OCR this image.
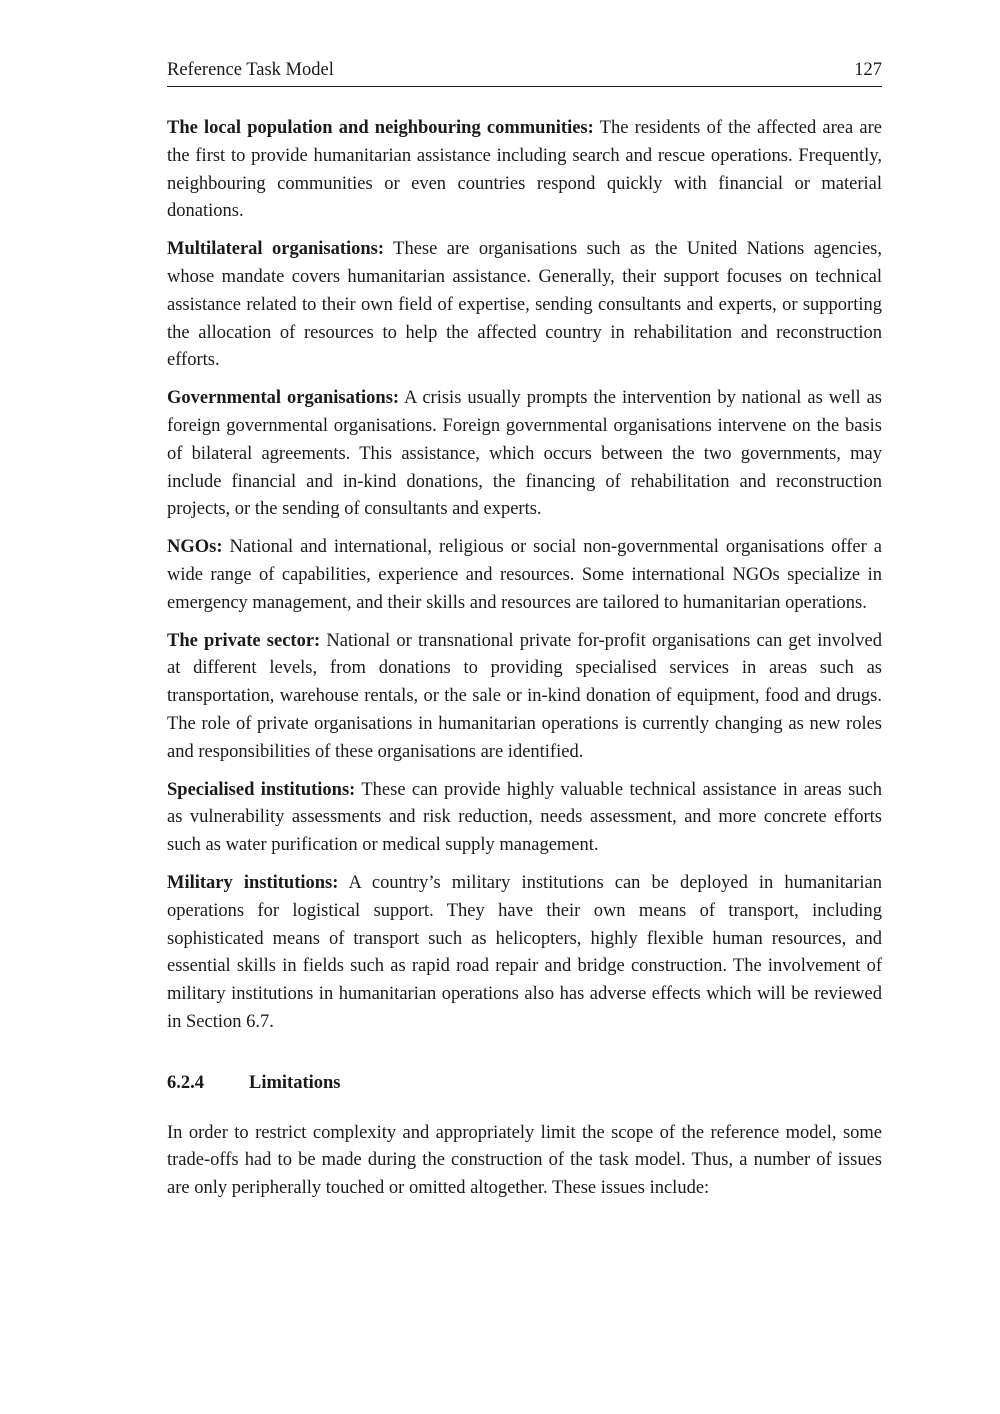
Reference Task Model	127

The local population and neighbouring communities: The residents of the affected area are the first to provide humanitarian assistance including search and rescue operations. Frequently, neighbouring communities or even countries respond quickly with financial or material donations.

Multilateral organisations: These are organisations such as the United Nations agencies, whose mandate covers humanitarian assistance. Generally, their support focuses on technical assistance related to their own field of expertise, sending consultants and experts, or supporting the allocation of resources to help the affected country in rehabilitation and reconstruction efforts.

Governmental organisations: A crisis usually prompts the intervention by national as well as foreign governmental organisations. Foreign governmental organisations intervene on the basis of bilateral agreements. This assistance, which occurs between the two governments, may include financial and in-kind donations, the financing of rehabilitation and reconstruction projects, or the sending of consultants and experts.

NGOs: National and international, religious or social non-governmental organisations offer a wide range of capabilities, experience and resources. Some international NGOs specialize in emergency management, and their skills and resources are tailored to humanitarian operations.

The private sector: National or transnational private for-profit organisations can get involved at different levels, from donations to providing specialised services in areas such as transportation, warehouse rentals, or the sale or in-kind donation of equipment, food and drugs. The role of private organisations in humanitarian operations is currently changing as new roles and responsibilities of these organisations are identified.

Specialised institutions: These can provide highly valuable technical assistance in areas such as vulnerability assessments and risk reduction, needs assessment, and more concrete efforts such as water purification or medical supply management.

Military institutions: A country’s military institutions can be deployed in humanitarian operations for logistical support. They have their own means of transport, including sophisticated means of transport such as helicopters, highly flexible human resources, and essential skills in fields such as rapid road repair and bridge construction. The involvement of military institutions in humanitarian operations also has adverse effects which will be reviewed in Section 6.7.

6.2.4	Limitations

In order to restrict complexity and appropriately limit the scope of the reference model, some trade-offs had to be made during the construction of the task model. Thus, a number of issues are only peripherally touched or omitted altogether. These issues include:
